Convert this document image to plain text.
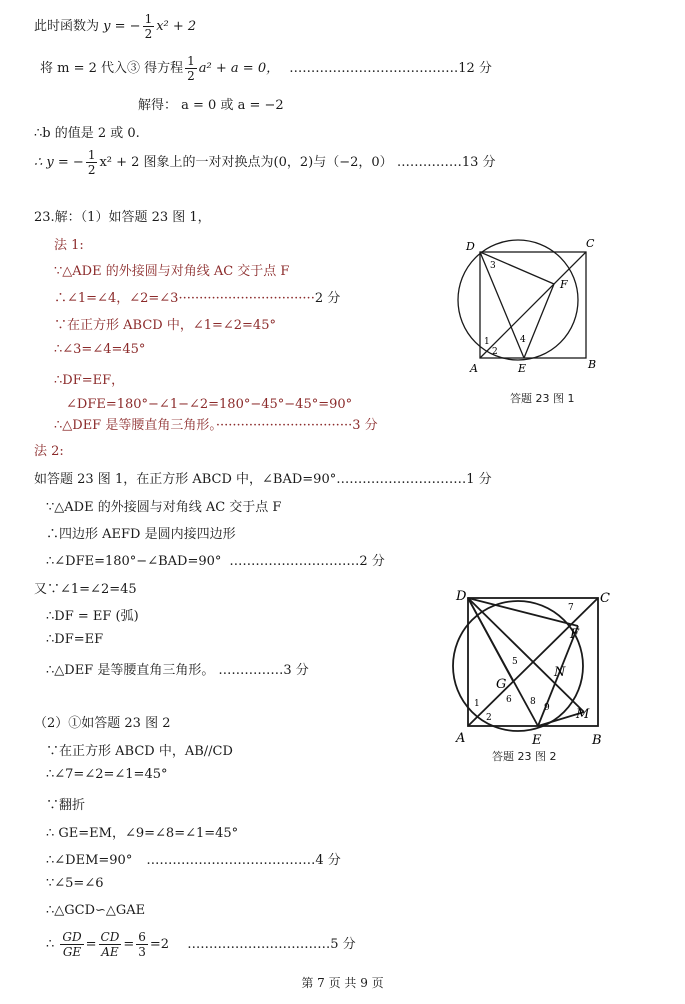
此时函数为 y = − $\frac{1}{2} x^2 + 2$
将 m = 2 代入③ 得方程 $\frac{1}{2} a^2 + a = 0$， …………………………………12 分
解得： a = 0 或 a = −2
∴b 的值是 2 或 0.
∴ y = − $\frac{1}{2} x^2 + 2$ 图象上的一对对换点为(0，2)与（−2，0） ……………13 分
23.解：（1）如答题 23 图 1，
法 1:
∵△ADE 的外接圆与对角线 AC 交于点 F
∴∠1=∠4，∠2=∠3·································2 分
∵在正方形 ABCD 中，∠1=∠2=45°
∴∠3=∠4=45°
∴DF=EF，
∠DFE=180°−∠1−∠2=180°−45°−45°=90°
∴△DEF 是等腰直角三角形。·································3 分
法 2:
如答题 23 图 1，在正方形 ABCD 中，∠BAD=90°…………………………1 分
∵△ADE 的外接圆与对角线 AC 交于点 F
∴四边形 AEFD 是圆内接四边形
∴∠DFE=180°−∠BAD=90° …………………………2 分
又∵∠1=∠2=45
∴DF = EF (弧)
∴DF=EF
∴△DEF 是等腰直角三角形。 ……………3 分
（2）①如答题 23 图 2
∵在正方形 ABCD 中，AB//CD
∴∠7=∠2=∠1=45°
∵翻折
∴ GE=EM，∠9=∠8=∠1=45°
∴∠DEM=90° …………………………………4 分
∵∠5=∠6
∴△GCD∽△GAE
∴ $\frac{GD}{GE} = \frac{CD}{AE} = \frac{6}{3} =2$ ……………………………5 分
D	C
F
A	E	B
1
2
3
4
答题 23 图 1
D	C
F
N
G
M
A	E	B
1
2
5
6
7
8
9
答题 23 图 2
第 7 页 共 9 页
